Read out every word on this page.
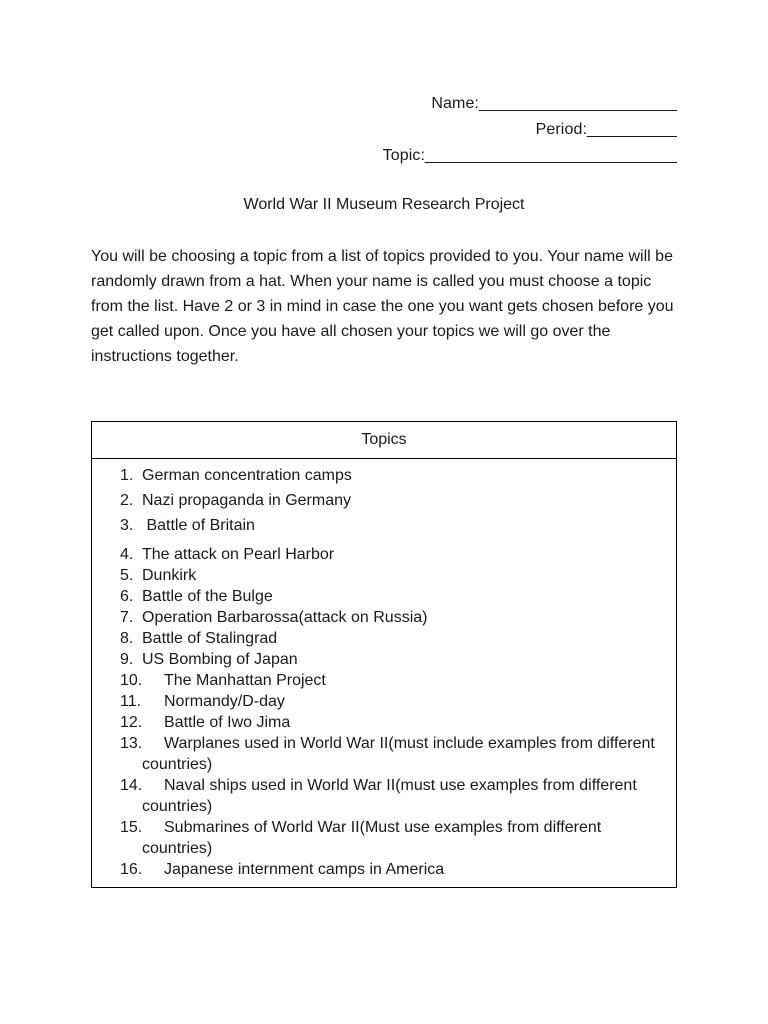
Name:______________________
Period:__________
Topic:____________________________
World War II Museum Research Project

You will be choosing a topic from a list of topics provided to you. Your name will be randomly drawn from a hat. When your name is called you must choose a topic from the list. Have 2 or 3 in mind in case the one you want gets chosen before you get called upon. Once you have all chosen your topics we will go over the instructions together.

Topics
1. German concentration camps
2. Nazi propaganda in Germany
3. Battle of Britain
4. The attack on Pearl Harbor
5. Dunkirk
6. Battle of the Bulge
7. Operation Barbarossa(attack on Russia)
8. Battle of Stalingrad
9. US Bombing of Japan
10. The Manhattan Project
11. Normandy/D-day
12. Battle of Iwo Jima
13. Warplanes used in World War II(must include examples from different countries)
14. Naval ships used in World War II(must use examples from different countries)
15. Submarines of World War II(Must use examples from different countries)
16. Japanese internment camps in America
